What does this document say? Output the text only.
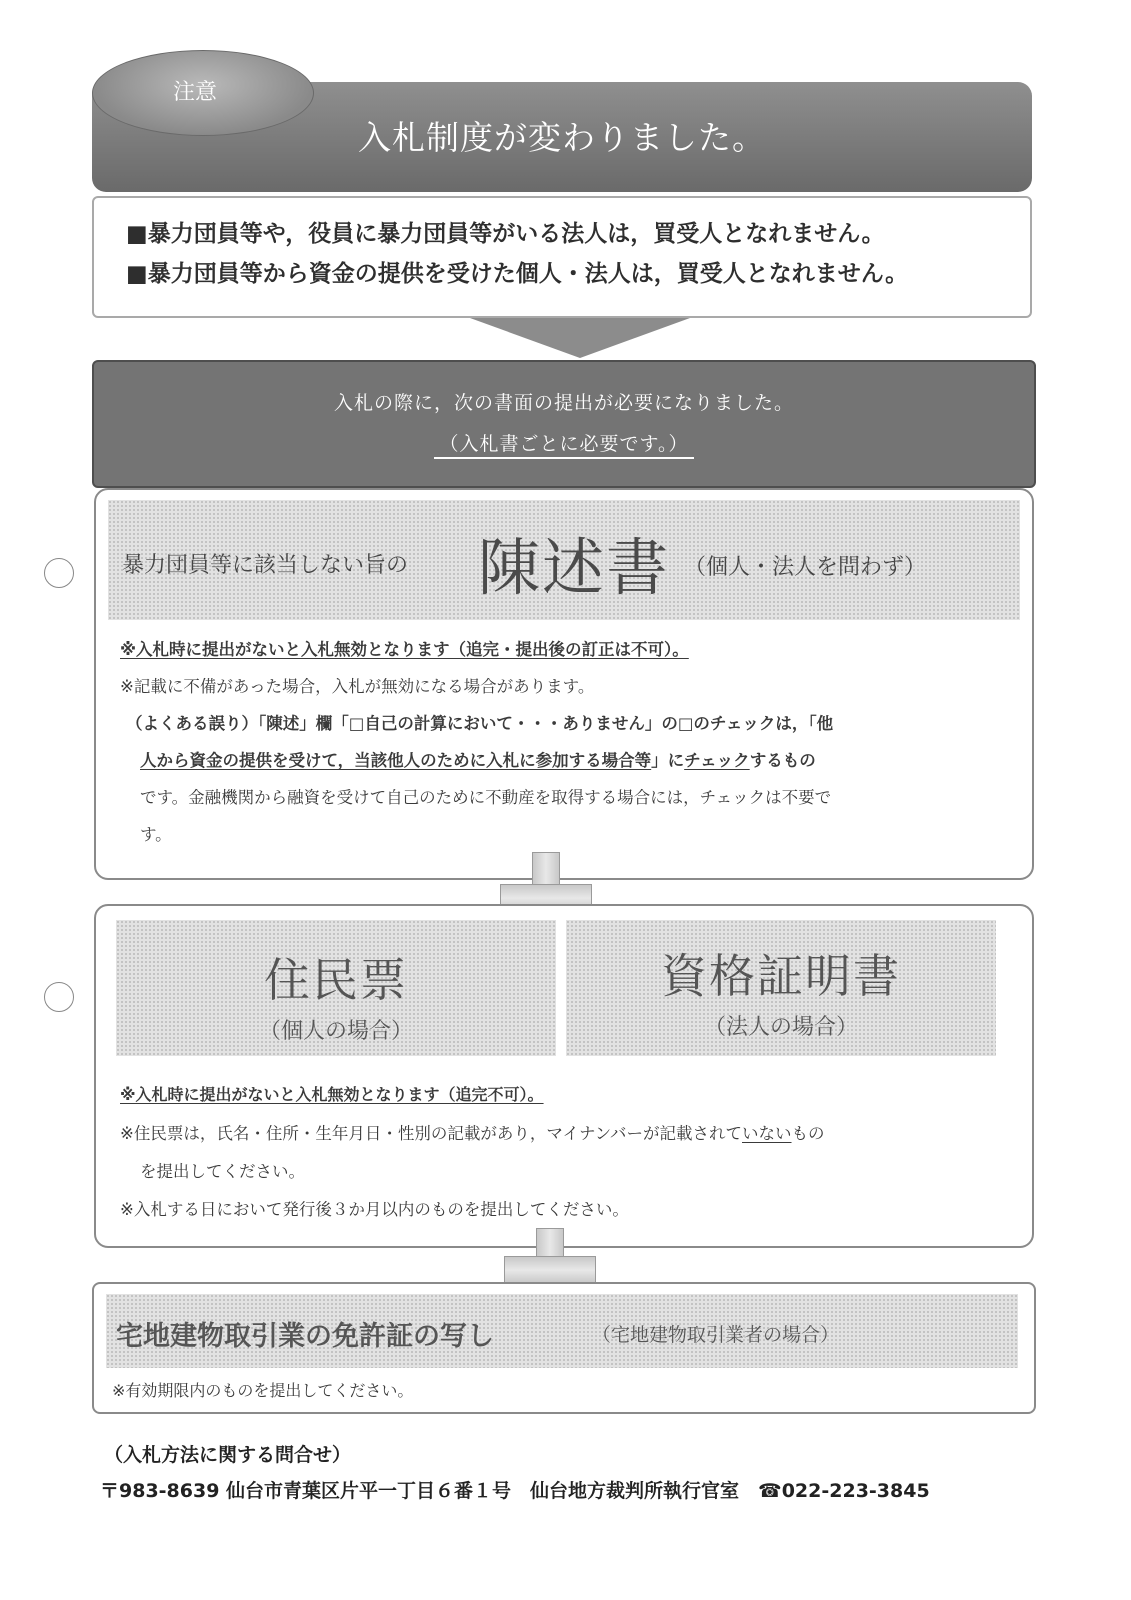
注意
入札制度が変わりました。
■暴力団員等や，役員に暴力団員等がいる法人は，買受人となれません。
■暴力団員等から資金の提供を受けた個人・法人は，買受人となれません。
入札の際に，次の書面の提出が必要になりました。
（入札書ごとに必要です。）
暴力団員等に該当しない旨の 陳述書 （個人・法人を問わず）
※入札時に提出がないと入札無効となります（追完・提出後の訂正は不可）。
※記載に不備があった場合，入札が無効になる場合があります。
（よくある誤り）「陳述」欄「□自己の計算において・・・ありません」の□のチェックは，「他
人から資金の提供を受けて，当該他人のために入札に参加する場合等」にチェックするもの
です。金融機関から融資を受けて自己のために不動産を取得する場合には，チェックは不要で
す。
住民票
（個人の場合）
資格証明書
（法人の場合）
※入札時に提出がないと入札無効となります（追完不可）。
※住民票は，氏名・住所・生年月日・性別の記載があり，マイナンバーが記載されていないもの
を提出してください。
※入札する日において発行後３か月以内のものを提出してください。
宅地建物取引業の免許証の写し	（宅地建物取引業者の場合）
※有効期限内のものを提出してください。
（入札方法に関する問合せ）
〒983-8639 仙台市青葉区片平一丁目６番１号　仙台地方裁判所執行官室　☎022-223-3845
